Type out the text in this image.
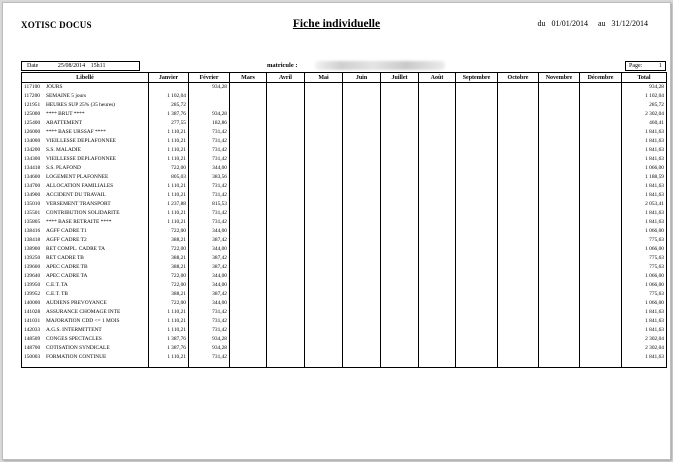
XOTISC DOCUS	Fiche individuelle	du 01/01/2014 au 31/12/2014
Date	25/08/2014 15h11	matricule :	Page:	1
Libellé	Janvier	Février	Mars	Avril	Mai	Juin	Juillet	Août	Septembre	Octobre	Novembre	Décembre	Total
117100 JOURS		934,28											934,28
117200 SEMAINE 5 jours	1 102,04												1 102,04
121951 HEURES SUP 25% (35 heures)	285,72												285,72
125000 **** BRUT ****	1 387,76	934,28											2 302,04
125400 ABATTEMENT	277,55	182,86											460,41
126000 **** BASE URSSAF ****	1 110,21	731,42											1 841,63
134000 VIEILLESSE DEPLAFONNEE	1 110,21	731,42											1 841,63
134200 S.S. MALADIE	1 110,21	731,42											1 841,63
134300 VIEILLESSE DEPLAFONNEE	1 110,21	731,42											1 841,63
134418 S.S. PLAFOND	722,00	344,00											1 066,00
134600 LOGEMENT PLAFONNEE	805,03	383,56											1 188,59
134700 ALLOCATION FAMILIALES	1 110,21	731,42											1 841,63
134900 ACCIDENT DU TRAVAIL	1 110,21	731,42											1 841,63
135010 VERSEMENT TRANSPORT	1 237,88	815,53											2 053,41
135501 CONTRIBUTION SOLIDARITE	1 110,21	731,42											1 841,63
135805 **** BASE RETRAITE ****	1 110,21	731,42											1 841,63
138416 AGFF CADRE T1	722,00	344,00											1 066,00
138418 AGFF CADRE T2	388,21	387,42											775,63
138900 RET COMPL. CADRE TA	722,00	344,00											1 066,00
139250 RET CADRE TB	388,21	387,42											775,63
139600 APEC CADRE TB	388,21	387,42											775,63
139640 APEC CADRE TA	722,00	344,00											1 066,00
139950 C.E.T. TA	722,00	344,00											1 066,00
139952 C.E.T. TB	388,21	387,42											775,63
140000 AUDIENS PREVOYANCE	722,00	344,00											1 066,00
141028 ASSURANCE CHOMAGE INTE	1 110,21	731,42											1 841,63
141031 MAJORATION CDD <= 1 MOIS	1 110,21	731,42											1 841,63
142033 A.G.S. INTERMITTENT	1 110,21	731,42											1 841,63
148509 CONGES SPECTACLES	1 387,76	934,28											2 302,04
148700 COTISATION SYNDICALE	1 387,76	934,28											2 302,04
150003 FORMATION CONTINUE	1 110,21	731,42											1 841,63
